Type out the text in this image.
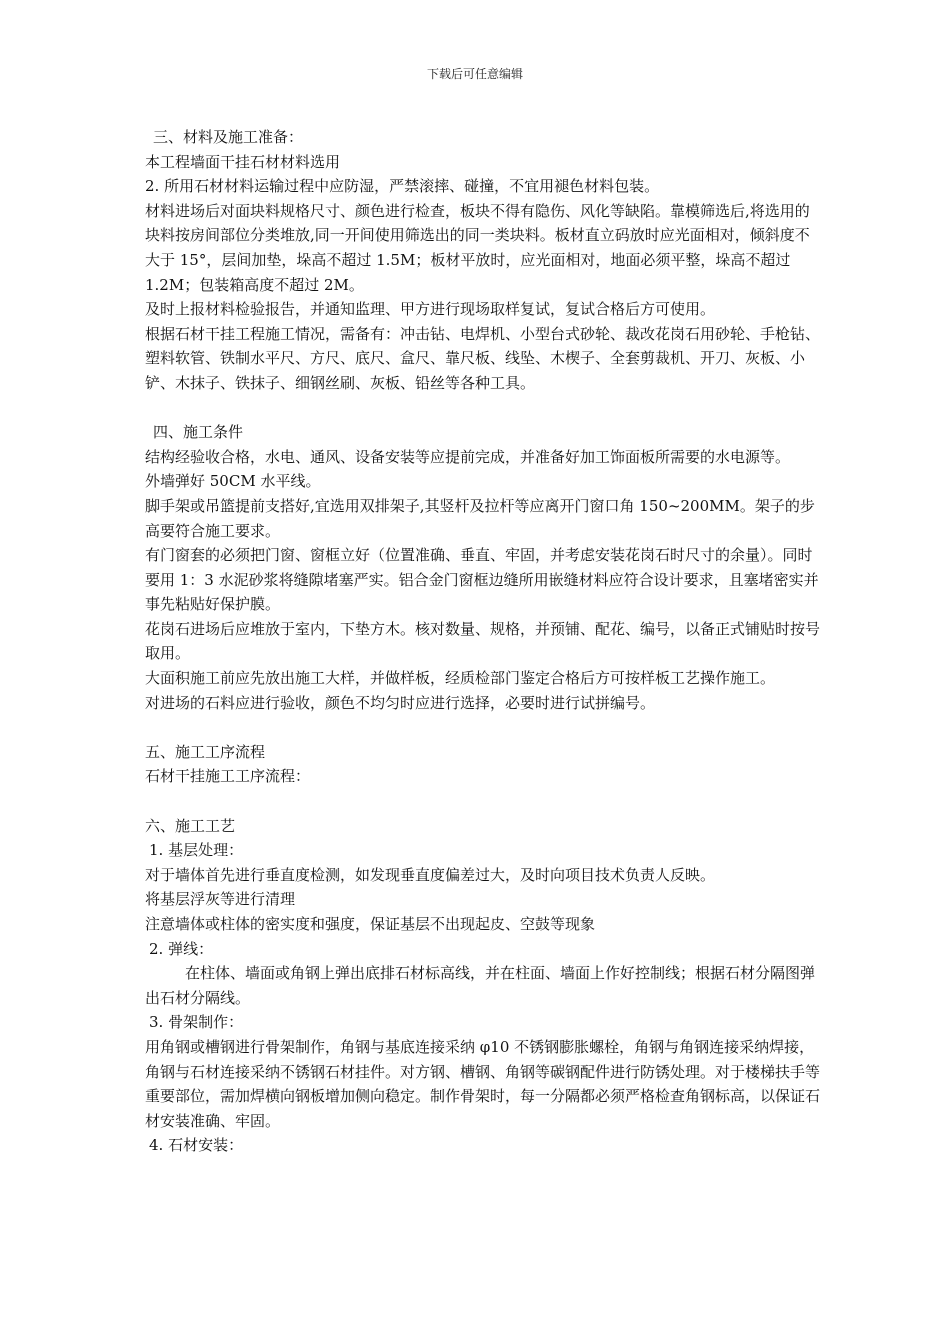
下载后可任意编辑

三、材料及施工准备：

本工程墙面干挂石材材料选用

2. 所用石材材料运输过程中应防湿，严禁滚摔、碰撞，不宜用褪色材料包装。

材料进场后对面块料规格尺寸、颜色进行检查，板块不得有隐伤、风化等缺陷。靠模筛选后,将选用的块料按房间部位分类堆放,同一开间使用筛选出的同一类块料。板材直立码放时应光面相对，倾斜度不大于 15°，层间加垫，垛高不超过 1.5M；板材平放时，应光面相对，地面必须平整，垛高不超过 1.2M；包装箱高度不超过 2M。

及时上报材料检验报告，并通知监理、甲方进行现场取样复试，复试合格后方可使用。

根据石材干挂工程施工情况，需备有：冲击钻、电焊机、小型台式砂轮、裁改花岗石用砂轮、手枪钻、塑料软管、铁制水平尺、方尺、底尺、盒尺、靠尺板、线坠、木楔子、全套剪裁机、开刀、灰板、小铲、木抹子、铁抹子、细钢丝刷、灰板、铅丝等各种工具。

四、施工条件

结构经验收合格，水电、通风、设备安装等应提前完成，并准备好加工饰面板所需要的水电源等。

外墙弹好 50CM 水平线。

脚手架或吊篮提前支搭好,宜选用双排架子,其竖杆及拉杆等应离开门窗口角 150~200MM。架子的步高要符合施工要求。

有门窗套的必须把门窗、窗框立好（位置准确、垂直、牢固，并考虑安装花岗石时尺寸的余量）。同时要用 1：3 水泥砂浆将缝隙堵塞严实。铝合金门窗框边缝所用嵌缝材料应符合设计要求，且塞堵密实并事先粘贴好保护膜。

花岗石进场后应堆放于室内，下垫方木。核对数量、规格，并预铺、配花、编号，以备正式铺贴时按号取用。

大面积施工前应先放出施工大样，并做样板，经质检部门鉴定合格后方可按样板工艺操作施工。

对进场的石料应进行验收，颜色不均匀时应进行选择，必要时进行试拼编号。

五、施工工序流程

石材干挂施工工序流程：

六、施工工艺

1. 基层处理：

对于墙体首先进行垂直度检测，如发现垂直度偏差过大，及时向项目技术负责人反映。

将基层浮灰等进行清理

注意墙体或柱体的密实度和强度，保证基层不出现起皮、空鼓等现象

2. 弹线：

在柱体、墙面或角钢上弹出底排石材标高线，并在柱面、墙面上作好控制线；根据石材分隔图弹出石材分隔线。

3. 骨架制作：

用角钢或槽钢进行骨架制作，角钢与基底连接采纳 φ10 不锈钢膨胀螺栓，角钢与角钢连接采纳焊接，角钢与石材连接采纳不锈钢石材挂件。对方钢、槽钢、角钢等碳钢配件进行防锈处理。对于楼梯扶手等重要部位，需加焊横向钢板增加侧向稳定。制作骨架时，每一分隔都必须严格检查角钢标高，以保证石材安装准确、牢固。

4. 石材安装：
